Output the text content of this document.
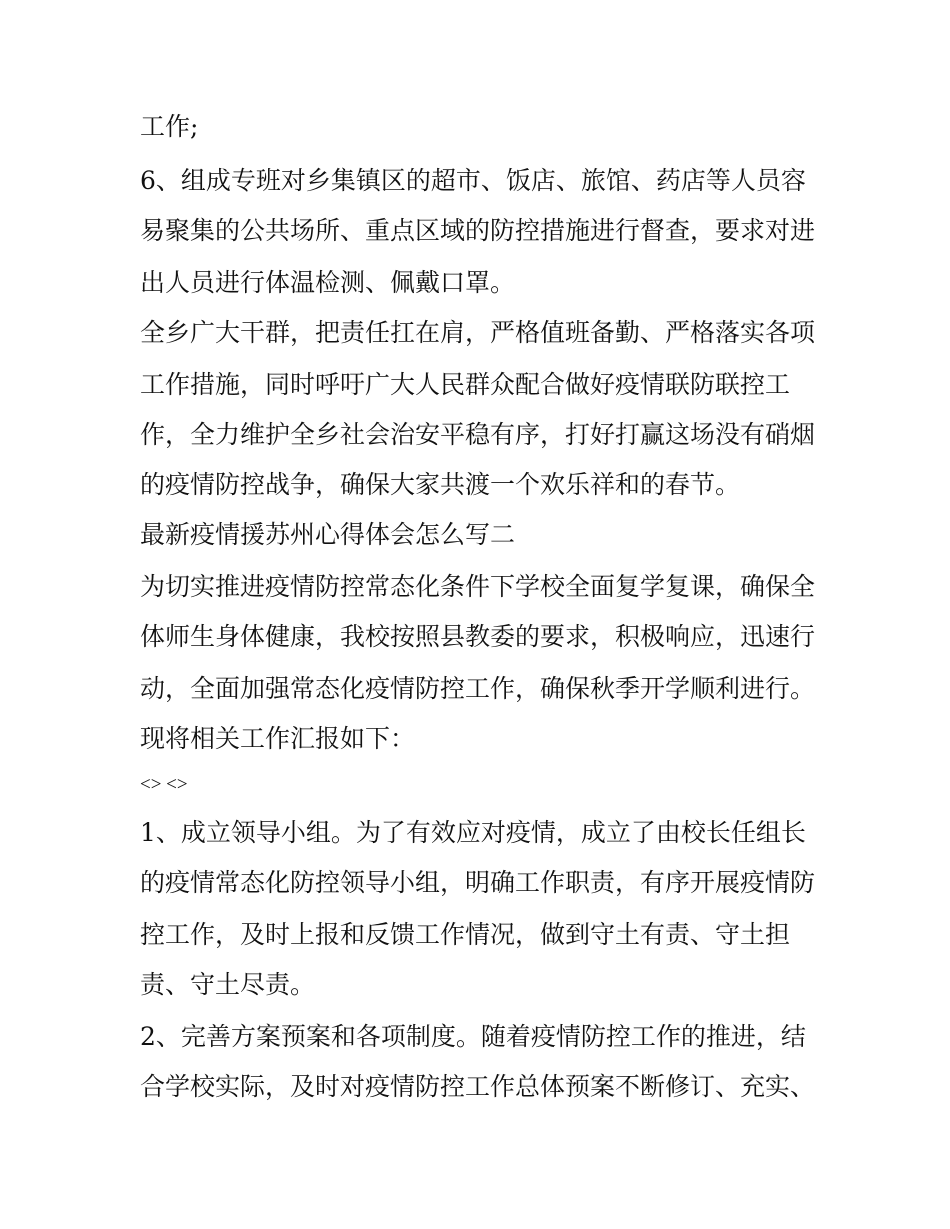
工作;
6、组成专班对乡集镇区的超市、饭店、旅馆、药店等人员容
易聚集的公共场所、重点区域的防控措施进行督查，要求对进
出人员进行体温检测、佩戴口罩。
全乡广大干群，把责任扛在肩，严格值班备勤、严格落实各项
工作措施，同时呼吁广大人民群众配合做好疫情联防联控工
作，全力维护全乡社会治安平稳有序，打好打赢这场没有硝烟
的疫情防控战争，确保大家共渡一个欢乐祥和的春节。
最新疫情援苏州心得体会怎么写二
为切实推进疫情防控常态化条件下学校全面复学复课，确保全
体师生身体健康，我校按照县教委的要求，积极响应，迅速行
动，全面加强常态化疫情防控工作，确保秋季开学顺利进行。
现将相关工作汇报如下：
<> <>
1、成立领导小组。为了有效应对疫情，成立了由校长任组长
的疫情常态化防控领导小组，明确工作职责，有序开展疫情防
控工作，及时上报和反馈工作情况，做到守土有责、守土担
责、守土尽责。
2、完善方案预案和各项制度。随着疫情防控工作的推进，结
合学校实际，及时对疫情防控工作总体预案不断修订、充实、
